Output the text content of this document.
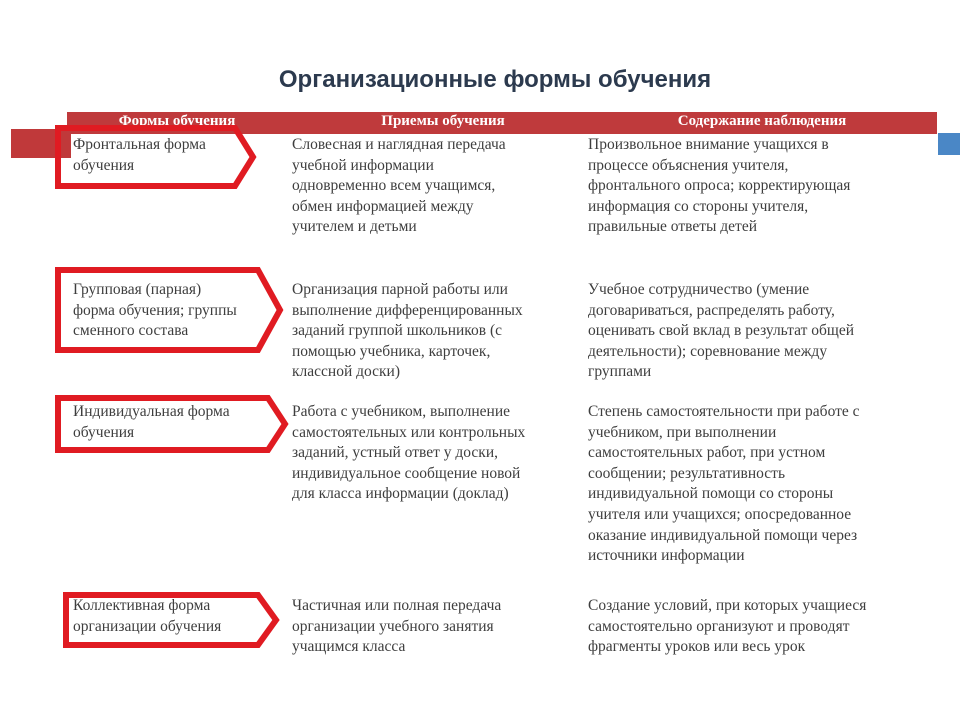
Организационные формы обучения
Формы обучения	Приемы обучения	Содержание наблюдения
Фронтальная форма
обучения
Словесная и наглядная передача
учебной информации
одновременно всем учащимся,
обмен информацией между
учителем и детьми
Произвольное внимание учащихся в
процессе объяснения учителя,
фронтального опроса; корректирующая
информация со стороны учителя,
правильные ответы детей
Групповая (парная)
форма обучения; группы
сменного состава
Организация парной работы или
выполнение дифференцированных
заданий группой школьников (с
помощью учебника, карточек,
классной доски)
Учебное сотрудничество (умение
договариваться, распределять работу,
оценивать свой вклад в результат общей
деятельности); соревнование между
группами
Индивидуальная форма
обучения
Работа с учебником, выполнение
самостоятельных или контрольных
заданий, устный ответ у доски,
индивидуальное сообщение новой
для класса информации (доклад)
Степень самостоятельности при работе с
учебником, при выполнении
самостоятельных работ, при устном
сообщении; результативность
индивидуальной помощи со стороны
учителя или учащихся; опосредованное
оказание индивидуальной помощи через
источники информации
Коллективная форма
организации обучения
Частичная или полная передача
организации учебного занятия
учащимся класса
Создание условий, при которых учащиеся
самостоятельно организуют и проводят
фрагменты уроков или весь урок
